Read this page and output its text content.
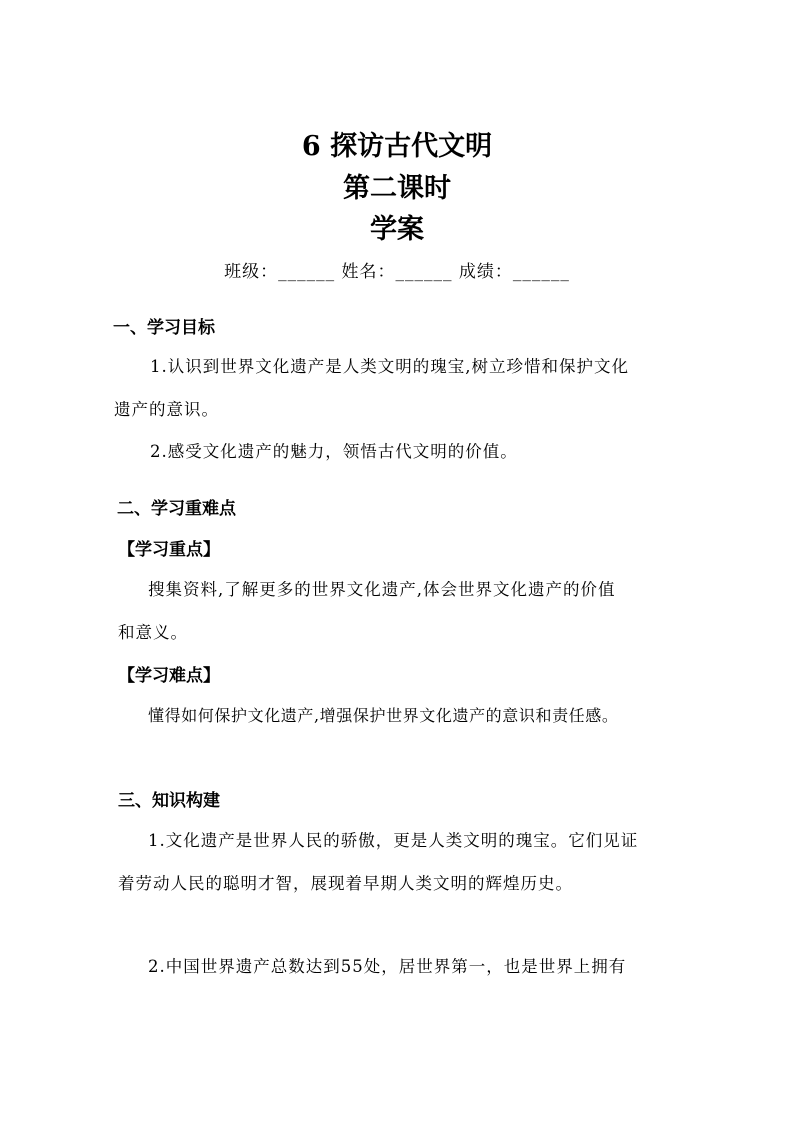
6 探访古代文明
第二课时
学案
班级：______ 姓名：______ 成绩：______
一、学习目标
1.认识到世界文化遗产是人类文明的瑰宝,树立珍惜和保护文化
遗产的意识。
2.感受文化遗产的魅力，领悟古代文明的价值。
二、学习重难点
【学习重点】
搜集资料,了解更多的世界文化遗产,体会世界文化遗产的价值
和意义。
【学习难点】
懂得如何保护文化遗产,增强保护世界文化遗产的意识和责任感。
三、知识构建
1.文化遗产是世界人民的骄傲，更是人类文明的瑰宝。它们见证
着劳动人民的聪明才智，展现着早期人类文明的辉煌历史。
2.中国世界遗产总数达到55处，居世界第一，也是世界上拥有
